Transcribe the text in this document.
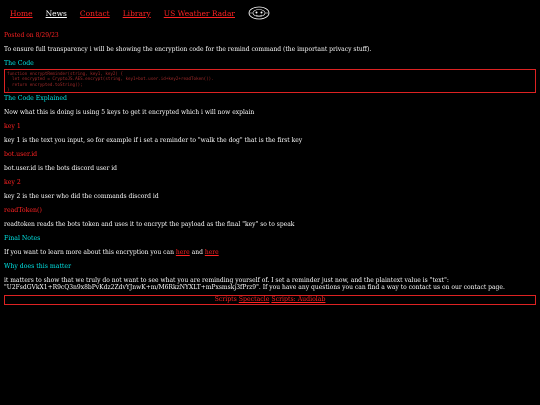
Home News Contact Library US Weather Radar

Posted on 8/29/23

To ensure full transparency i will be showing the encryption code for the remind command (the important privacy stuff).

The Code

function encryptReminder(string, key1, key2) {
let encrypted = CryptoJS.AES.encrypt(string, key1+bot.user.id+key2+readToken()).
return encrypted.toString();
}

The Code Explained

Now what this is doing is using 5 keys to get it encrypted which i will now explain

key 1

key 1 is the text you input, so for example if i set a reminder to "walk the dog" that is the first key

bot.user.id

bot.user.id is the bots discord user id

key 2

key 2 is the user who did the commands discord id

readToken()

readtoken reads the bots token and uses it to encrypt the payload as the final "key" so to speak

Final Notes

If you want to learn more about this encryption you can here and here

Why does this matter

it matters to show that we truly do not want to see what you are reminding yourself of. I set a reminder just now, and the plaintext value is "text": "U2FsdGVkX1+R9cQ3n9x8bPvKdz2ZdvYJnwK+m/M6RkzNYXLT+mPxsmskj3fPrz9". If you have any questions you can find a way to contact us on our contact page.

Scripts Spectacle Scripts: Audiolab
